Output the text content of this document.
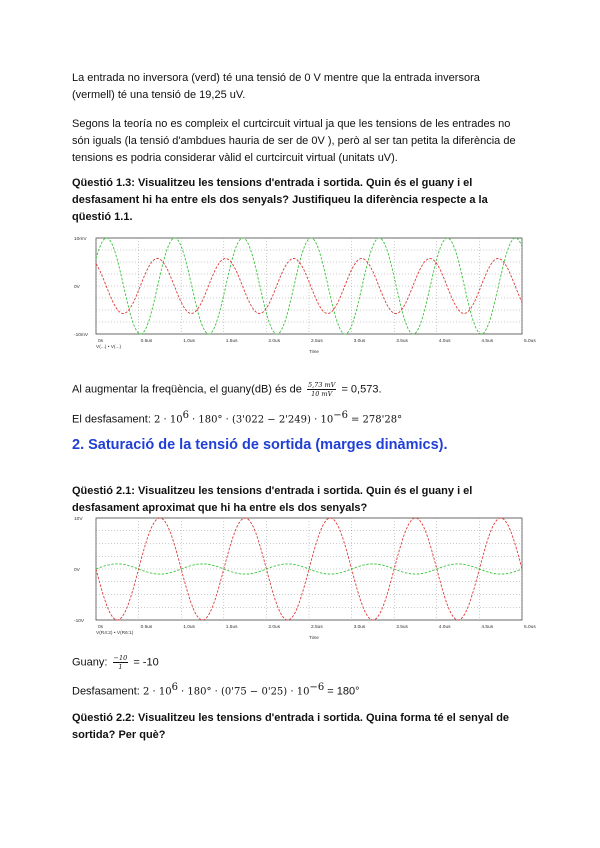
La entrada no inversora (verd) té una tensió de 0 V mentre que la entrada inversora
(vermell) té una tensió de 19,25 uV.
Segons la teoría no es compleix el curtcircuit virtual ja que les tensions de les entrades no
són iguals (la tensió d'ambdues hauria de ser de 0V ), però al ser tan petita la diferència de
tensions es podria considerar vàlid el curtcircuit virtual (unitats uV).
Qüestió 1.3: Visualitzeu les tensions d'entrada i sortida. Quin és el guany i el
desfasament hi ha entre els dos senyals? Justifiqueu la diferència respecte a la
qüestió 1.1.
0s	0.5us	1.0us	1.5us	2.0us	2.5us	3.0us	3.5us	4.0us	4.5us	5.0us
10mV
0V
-10mV
V(...) • V(...)
Time
Al augmentar la freqüència, el guany(dB) és de $\frac{5,73 mV}{10 mV} = 0,573$.
El desfasament: $2 \cdot 10^6 \cdot 180^\circ \cdot (3'022 - 2'249) \cdot 10^{-6} = 278'28^\circ$
2. Saturació de la tensió de sortida (marges dinàmics).
Qüestió 2.1: Visualitzeu les tensions d'entrada i sortida. Quin és el guany i el
desfasament aproximat que hi ha entre els dos senyals?
0s	0.5us	1.0us	1.5us	2.0us	2.5us	3.0us	3.5us	4.0us	4.5us	5.0us
10V
0V
-10V
V(R4:2) • V(R6:1)
Time
Guany: $\frac{-10}{1} = -10$
Desfasament: $2 \cdot 10^6 \cdot 180^\circ \cdot (0'75 - 0'25) \cdot 10^{-6} = 180^\circ$
Qüestió 2.2: Visualitzeu les tensions d'entrada i sortida. Quina forma té el senyal de
sortida? Per què?
